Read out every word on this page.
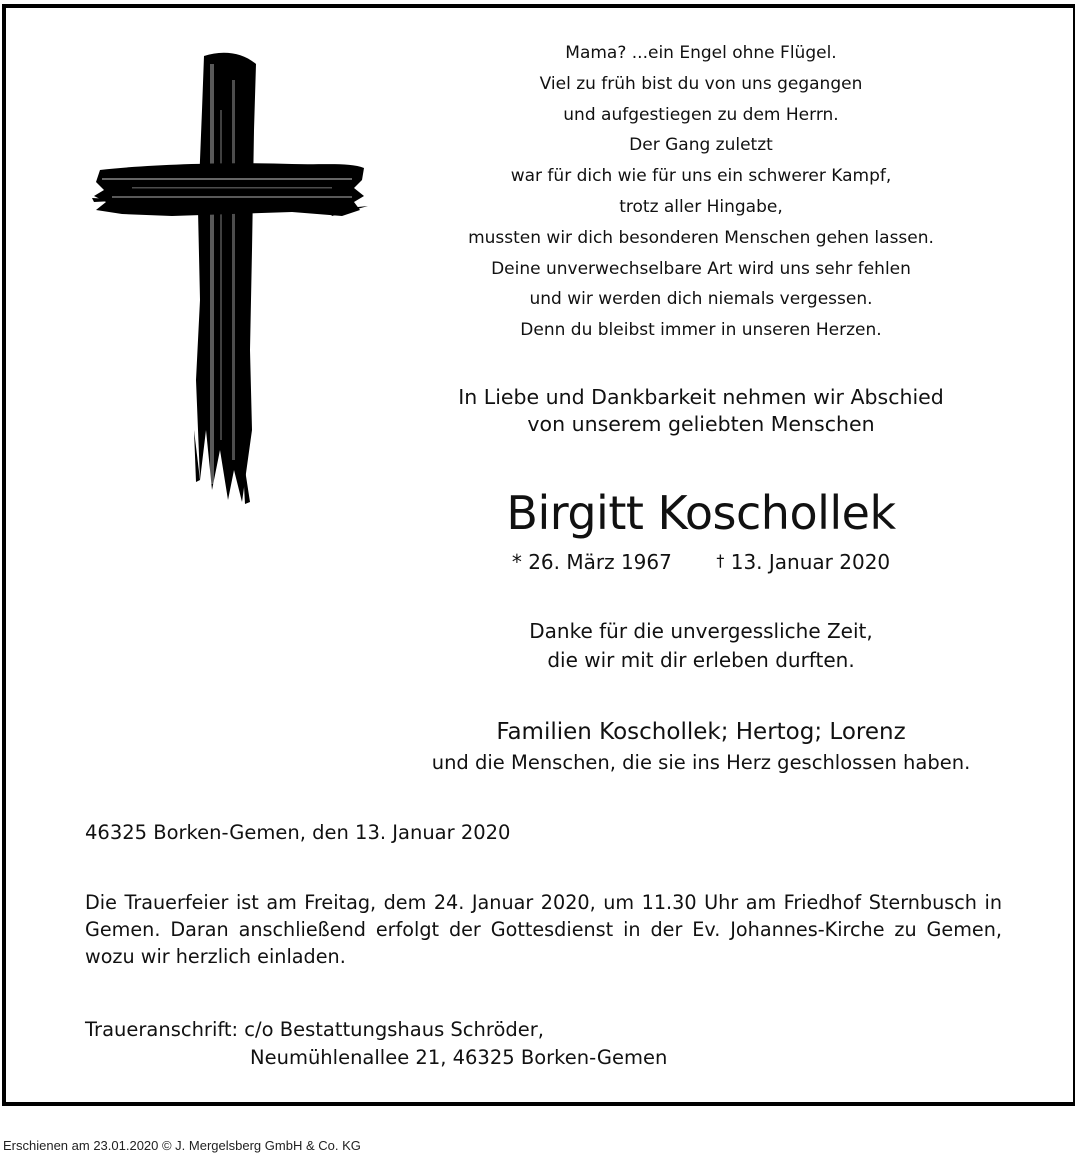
Mama? ...ein Engel ohne Flügel.
Viel zu früh bist du von uns gegangen
und aufgestiegen zu dem Herrn.
Der Gang zuletzt
war für dich wie für uns ein schwerer Kampf,
trotz aller Hingabe,
mussten wir dich besonderen Menschen gehen lassen.
Deine unverwechselbare Art wird uns sehr fehlen
und wir werden dich niemals vergessen.
Denn du bleibst immer in unseren Herzen.
In Liebe und Dankbarkeit nehmen wir Abschied
von unserem geliebten Menschen
Birgitt Koschollek
* 26. März 1967	† 13. Januar 2020
Danke für die unvergessliche Zeit,
die wir mit dir erleben durften.
Familien Koschollek; Hertog; Lorenz
und die Menschen, die sie ins Herz geschlossen haben.
46325 Borken-Gemen, den 13. Januar 2020

Die Trauerfeier ist am Freitag, dem 24. Januar 2020, um 11.30 Uhr am Friedhof Sternbusch in Gemen. Daran anschließend erfolgt der Gottesdienst in der Ev. Johannes-Kirche zu Gemen, wozu wir herzlich einladen.

Traueranschrift: c/o Bestattungshaus Schröder,
Neumühlenallee 21, 46325 Borken-Gemen
Erschienen am 23.01.2020 © J. Mergelsberg GmbH & Co. KG
